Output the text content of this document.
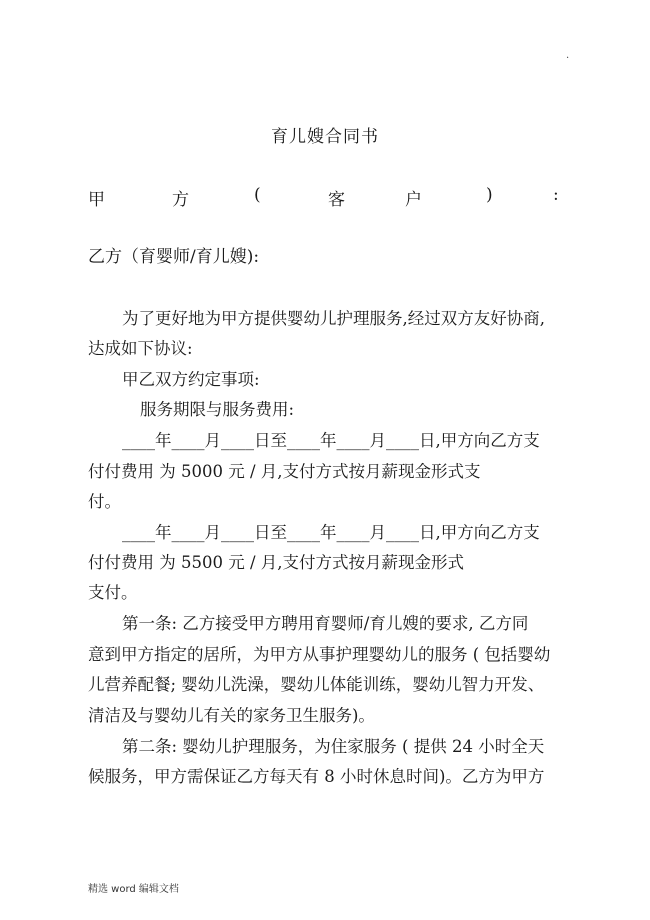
.
育儿嫂合同书
甲	方	(	客	户	)	:
乙方（育婴师/育儿嫂):
为了更好地为甲方提供婴幼儿护理服务,经过双方友好协商,
达成如下协议:
甲乙双方约定事项:
服务期限与服务费用:
____年____月____日至____年____月____日,甲方向乙方支
付付费用 为 5000 元 / 月,支付方式按月薪现金形式支
付。
____年____月____日至____年____月____日,甲方向乙方支
付付费用 为 5500 元 / 月,支付方式按月薪现金形式
支付。
第一条: 乙方接受甲方聘用育婴师/育儿嫂的要求, 乙方同
意到甲方指定的居所，为甲方从事护理婴幼儿的服务 ( 包括婴幼
儿营养配餐; 婴幼儿洗澡，婴幼儿体能训练，婴幼儿智力开发、
清洁及与婴幼儿有关的家务卫生服务)。
第二条: 婴幼儿护理服务，为住家服务 ( 提供 24 小时全天
候服务，甲方需保证乙方每天有 8 小时休息时间)。乙方为甲方
精选 word 编辑文档
